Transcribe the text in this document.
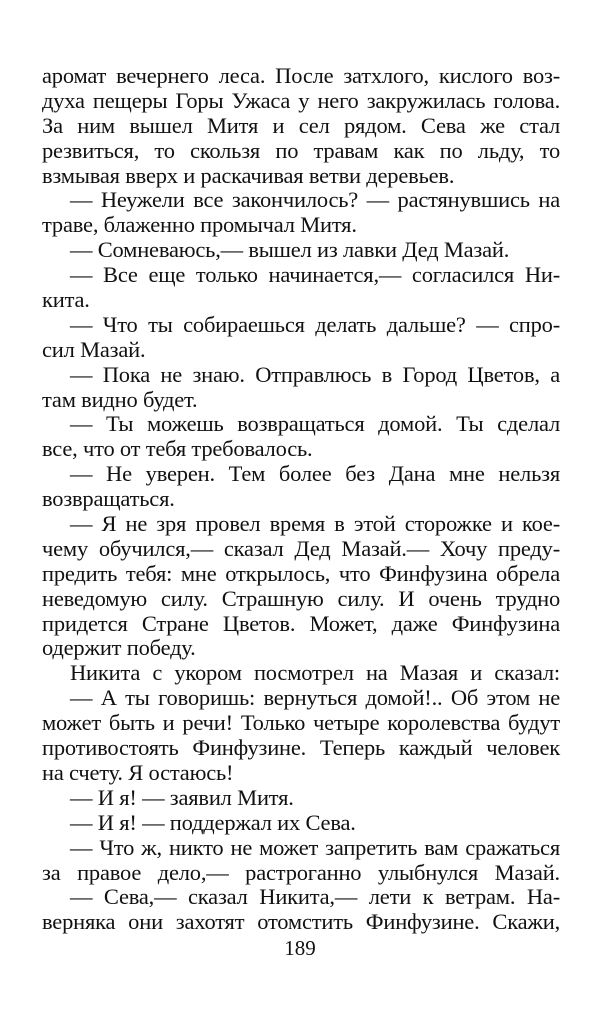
аромат вечернего леса. После затхлого, кислого воз-
духа пещеры Горы Ужаса у него закружилась голова.
За ним вышел Митя и сел рядом. Сева же стал
резвиться, то скользя по травам как по льду, то
взмывая вверх и раскачивая ветви деревьев.
— Неужели все закончилось? — растянувшись на
траве, блаженно промычал Митя.
— Сомневаюсь,— вышел из лавки Дед Мазай.
— Все еще только начинается,— согласился Ни-
кита.
— Что ты собираешься делать дальше? — спро-
сил Мазай.
— Пока не знаю. Отправлюсь в Город Цветов, а
там видно будет.
— Ты можешь возвращаться домой. Ты сделал
все, что от тебя требовалось.
— Не уверен. Тем более без Дана мне нельзя
возвращаться.
— Я не зря провел время в этой сторожке и кое-
чему обучился,— сказал Дед Мазай.— Хочу преду-
предить тебя: мне открылось, что Финфузина обрела
неведомую силу. Страшную силу. И очень трудно
придется Стране Цветов. Может, даже Финфузина
одержит победу.
Никита с укором посмотрел на Мазая и сказал:
— А ты говоришь: вернуться домой!.. Об этом не
может быть и речи! Только четыре королевства будут
противостоять Финфузине. Теперь каждый человек
на счету. Я остаюсь!
— И я! — заявил Митя.
— И я! — поддержал их Сева.
— Что ж, никто не может запретить вам сражаться
за правое дело,— растроганно улыбнулся Мазай.
— Сева,— сказал Никита,— лети к ветрам. На-
верняка они захотят отомстить Финфузине. Скажи,
189
